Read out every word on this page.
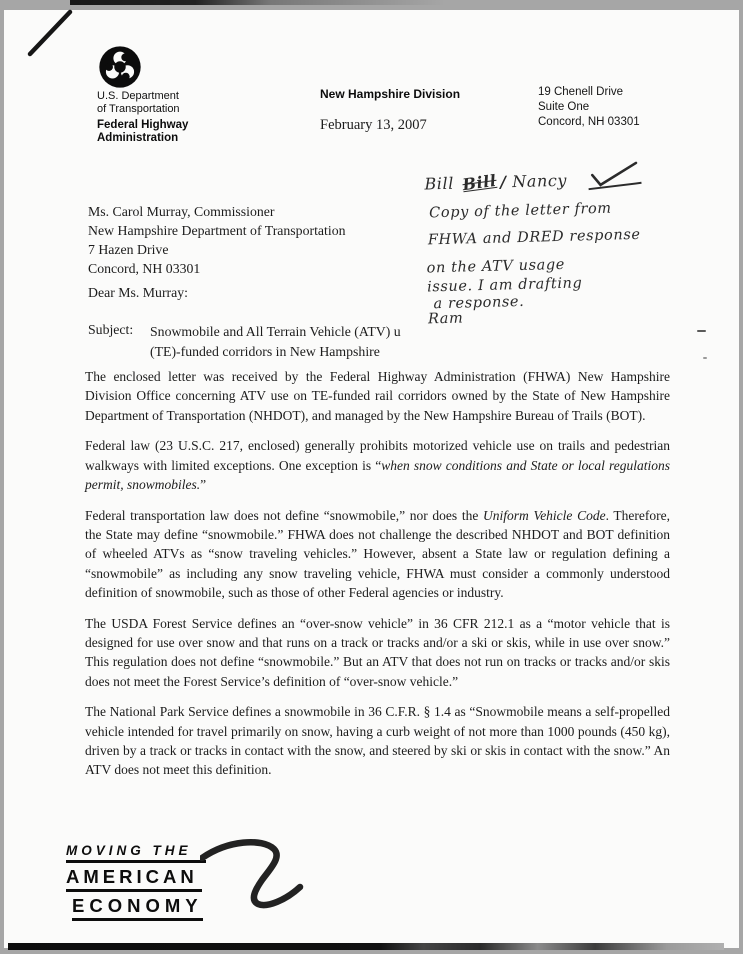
U.S. Department
of Transportation
Federal Highway
Administration
New Hampshire Division
February 13, 2007
19 Chenell Drive
Suite One
Concord, NH 03301
Bill Bill / Nancy
Copy of the letter from
FHWA and DRED response
on the ATV usage
issue. I am drafting
a response.
Ram
Ms. Carol Murray, Commissioner
New Hampshire Department of Transportation
7 Hazen Drive
Concord, NH 03301
Dear Ms. Murray:
Subject: Snowmobile and All Terrain Vehicle (ATV) u
(TE)-funded corridors in New Hampshire

The enclosed letter was received by the Federal Highway Administration (FHWA) New Hampshire Division Office concerning ATV use on TE-funded rail corridors owned by the State of New Hampshire Department of Transportation (NHDOT), and managed by the New Hampshire Bureau of Trails (BOT).

Federal law (23 U.S.C. 217, enclosed) generally prohibits motorized vehicle use on trails and pedestrian walkways with limited exceptions. One exception is “when snow conditions and State or local regulations permit, snowmobiles.”

Federal transportation law does not define “snowmobile,” nor does the Uniform Vehicle Code. Therefore, the State may define “snowmobile.” FHWA does not challenge the described NHDOT and BOT definition of wheeled ATVs as “snow traveling vehicles.” However, absent a State law or regulation defining a “snowmobile” as including any snow traveling vehicle, FHWA must consider a commonly understood definition of snowmobile, such as those of other Federal agencies or industry.

The USDA Forest Service defines an “over-snow vehicle” in 36 CFR 212.1 as a “motor vehicle that is designed for use over snow and that runs on a track or tracks and/or a ski or skis, while in use over snow.” This regulation does not define “snowmobile.” But an ATV that does not run on tracks or tracks and/or skis does not meet the Forest Service’s definition of “over-snow vehicle.”

The National Park Service defines a snowmobile in 36 C.F.R. § 1.4 as “Snowmobile means a self-propelled vehicle intended for travel primarily on snow, having a curb weight of not more than 1000 pounds (450 kg), driven by a track or tracks in contact with the snow, and steered by ski or skis in contact with the snow.” An ATV does not meet this definition.

MOVING THE
AMERICAN
ECONOMY
